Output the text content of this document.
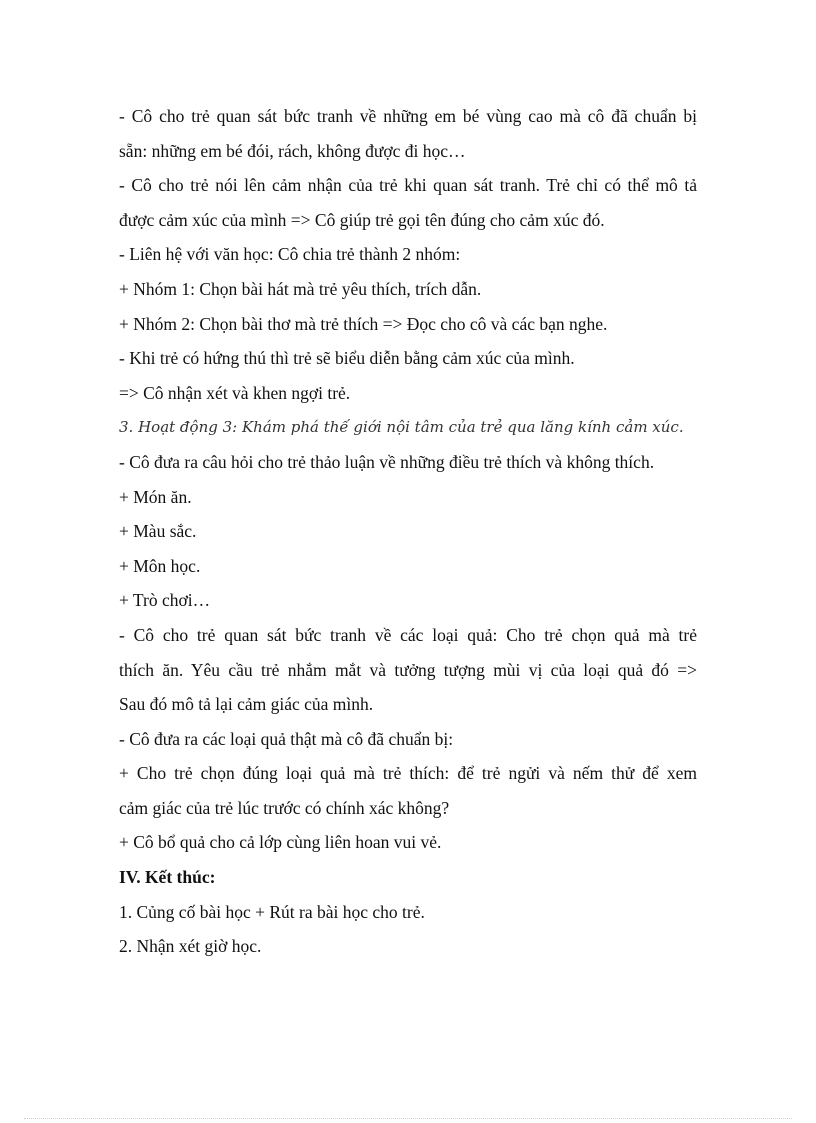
- Cô cho trẻ quan sát bức tranh về những em bé vùng cao mà cô đã chuẩn bị
sẵn: những em bé đói, rách, không được đi học…
- Cô cho trẻ nói lên cảm nhận của trẻ khi quan sát tranh. Trẻ chỉ có thể mô tả
được cảm xúc của mình => Cô giúp trẻ gọi tên đúng cho cảm xúc đó.
- Liên hệ với văn học: Cô chia trẻ thành 2 nhóm:
+ Nhóm 1: Chọn bài hát mà trẻ yêu thích, trích dẫn.
+ Nhóm 2: Chọn bài thơ mà trẻ thích => Đọc cho cô và các bạn nghe.
- Khi trẻ có hứng thú thì trẻ sẽ biểu diễn bằng cảm xúc của mình.
=> Cô nhận xét và khen ngợi trẻ.
3. Hoạt động 3: Khám phá thế giới nội tâm của trẻ qua lăng kính cảm xúc.
- Cô đưa ra câu hỏi cho trẻ thảo luận về những điều trẻ thích và không thích.
+ Món ăn.
+ Màu sắc.
+ Môn học.
+ Trò chơi…
- Cô cho trẻ quan sát bức tranh về các loại quả: Cho trẻ chọn quả mà trẻ
thích ăn. Yêu cầu trẻ nhắm mắt và tưởng tượng mùi vị của loại quả đó =>
Sau đó mô tả lại cảm giác của mình.
- Cô đưa ra các loại quả thật mà cô đã chuẩn bị:
+ Cho trẻ chọn đúng loại quả mà trẻ thích: để trẻ ngửi và nếm thử để xem
cảm giác của trẻ lúc trước có chính xác không?
+ Cô bổ quả cho cả lớp cùng liên hoan vui vẻ.
IV. Kết thúc:
1. Củng cố bài học + Rút ra bài học cho trẻ.
2. Nhận xét giờ học.
